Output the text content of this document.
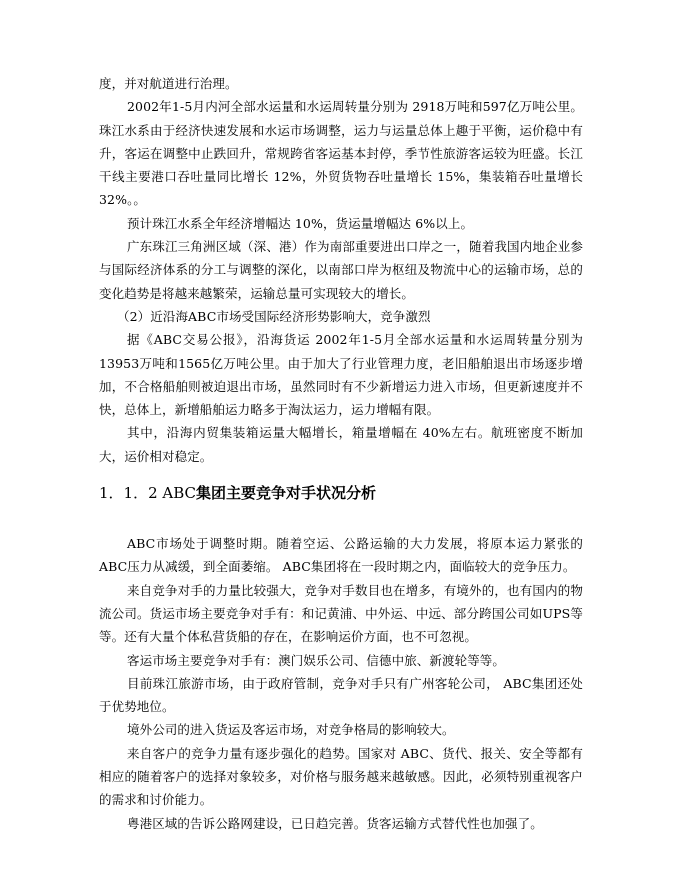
度，并对航道进行治理。

2002年1-5月内河全部水运量和水运周转量分别为 2918万吨和597亿万吨公里。珠江水系由于经济快速发展和水运市场调整，运力与运量总体上趣于平衡，运价稳中有升，客运在调整中止跌回升，常规跨省客运基本封停，季节性旅游客运较为旺盛。长江干线主要港口吞吐量同比增长 12%，外贸货物吞吐量增长 15%，集装箱吞吐量增长32%。。

预计珠江水系全年经济增幅达 10%，货运量增幅达 6%以上。

广东珠江三角洲区域（深、港）作为南部重要进出口岸之一，随着我国内地企业参与国际经济体系的分工与调整的深化，以南部口岸为枢纽及物流中心的运输市场，总的变化趋势是将越来越繁荣，运输总量可实现较大的增长。

（2）近沿海ABC市场受国际经济形势影响大，竞争激烈

据《ABC交易公报》，沿海货运 2002年1-5月全部水运量和水运周转量分别为13953万吨和1565亿万吨公里。由于加大了行业管理力度，老旧船舶退出市场逐步增加，不合格船舶则被迫退出市场，虽然同时有不少新增运力进入市场，但更新速度并不快，总体上，新增船舶运力略多于淘汰运力，运力增幅有限。

其中，沿海内贸集装箱运量大幅增长，箱量增幅在 40%左右。航班密度不断加大，运价相对稳定。

1．1．2 ABC集团主要竞争对手状况分析

ABC市场处于调整时期。随着空运、公路运输的大力发展，将原本运力紧张的ABC压力从减缓，到全面萎缩。 ABC集团将在一段时期之内，面临较大的竞争压力。

来自竞争对手的力量比较强大，竞争对手数目也在增多，有境外的，也有国内的物流公司。货运市场主要竞争对手有：和记黄浦、中外运、中远、部分跨国公司如UPS等等。还有大量个体私营货船的存在，在影响运价方面，也不可忽视。

客运市场主要竞争对手有：澳门娱乐公司、信德中旅、新渡轮等等。

目前珠江旅游市场，由于政府管制，竞争对手只有广州客轮公司， ABC集团还处于优势地位。

境外公司的进入货运及客运市场，对竞争格局的影响较大。

来自客户的竞争力量有逐步强化的趋势。国家对 ABC、货代、报关、安全等都有相应的随着客户的选择对象较多，对价格与服务越来越敏感。因此，必须特别重视客户的需求和讨价能力。

粤港区域的告诉公路网建设，已日趋完善。货客运输方式替代性也加强了。
